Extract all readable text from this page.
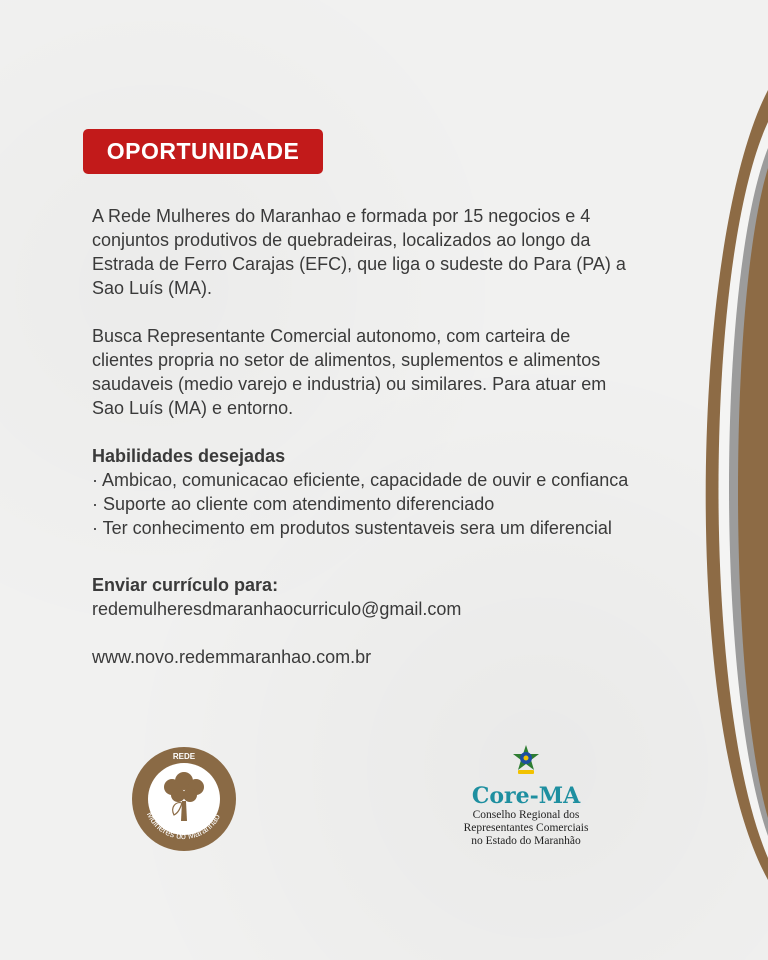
OPORTUNIDADE

A Rede Mulheres do Maranhao e formada por 15 negocios e 4 conjuntos produtivos de quebradeiras, localizados ao longo da Estrada de Ferro Carajas (EFC), que liga o sudeste do Para (PA) a Sao Luís (MA).

Busca Representante Comercial autonomo, com carteira de clientes propria no setor de alimentos, suplementos e alimentos saudaveis (medio varejo e industria) ou similares. Para atuar em Sao Luís (MA) e entorno.

Habilidades desejadas

· Ambicao, comunicacao eficiente, capacidade de ouvir e confianca

· Suporte ao cliente com atendimento diferenciado

· Ter conhecimento em produtos sustentaveis sera um diferencial

Enviar currículo para:

redemulheresdmaranhaocurriculo@gmail.com

www.novo.redemmaranhao.com.br

REDE
Mulheres do Maranhão
❧	☙	Core-MA
Conselho Regional dos
Representantes Comerciais
no Estado do Maranhão
